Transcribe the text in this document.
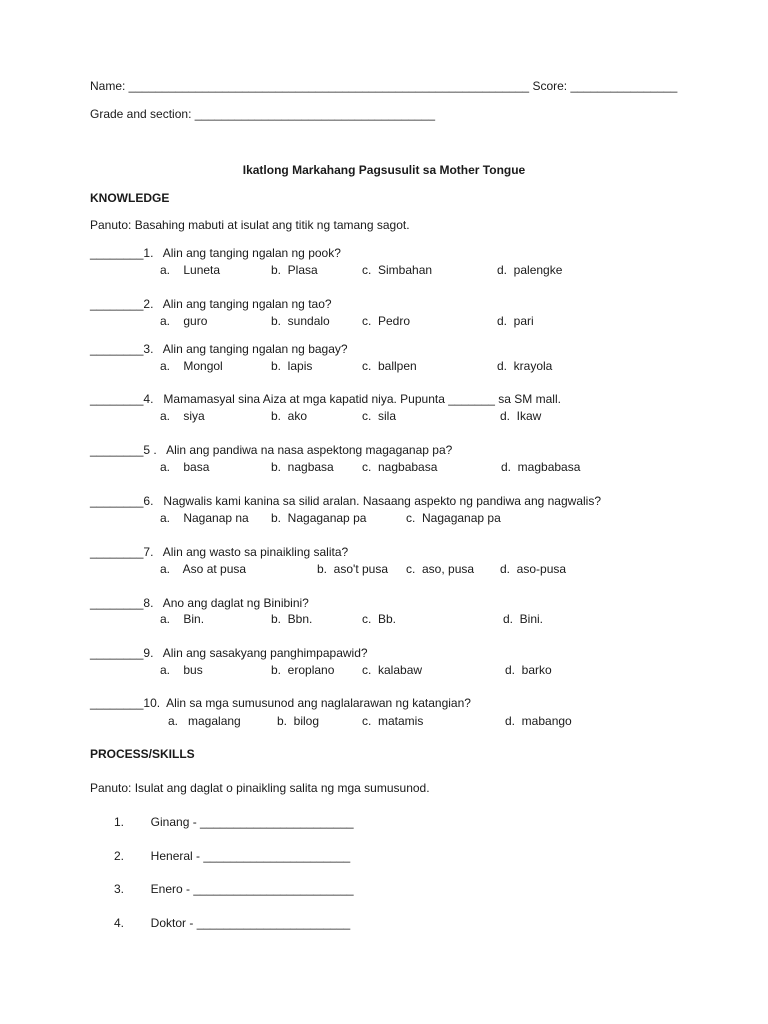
Name: ____________________________________________________________ Score: ________________
Grade and section: ____________________________________
Ikatlong Markahang Pagsusulit sa Mother Tongue
KNOWLEDGE
Panuto: Basahing mabuti at isulat ang titik ng tamang sagot.
________1.   Alin ang tanging ngalan ng pook?
a.    Luneta	b.  Plasa	c.  Simbahan	d.  palengke
________2.   Alin ang tanging ngalan ng tao?
a.    guro	b.  sundalo	c.  Pedro	d.  pari
________3.   Alin ang tanging ngalan ng bagay?
a.    Mongol	b.  lapis	c.  ballpen	d.  krayola
________4.   Mamamasyal sina Aiza at mga kapatid niya. Pupunta _______ sa SM mall.
a.    siya	b.  ako	c.  sila	d.  Ikaw
________5 .   Alin ang pandiwa na nasa aspektong magaganap pa?
a.    basa	b.  nagbasa c.  nagbabasa	d.  magbabasa
________6.   Nagwalis kami kanina sa silid aralan. Nasaang aspekto ng pandiwa ang nagwalis?
a.    Naganap na b.  Nagaganap pa	c.  Nagaganap pa
________7.   Alin ang wasto sa pinaikling salita?
a.    Aso at pusa	b.  aso't pusa c.  aso, pusa d.  aso-pusa
________8.   Ano ang daglat ng Binibini?
a.    Bin.	b.  Bbn.	c.  Bb.	d.  Bini.
________9.   Alin ang sasakyang panghimpapawid?
a.    bus	b.  eroplano c.  kalabaw	d.  barko
________10.  Alin sa mga sumusunod ang naglalarawan ng katangian?
a.   magalang	b.  bilog	c.  matamis	d.  mabango
PROCESS/SKILLS
Panuto: Isulat ang daglat o pinaikling salita ng mga sumusunod.
1.        Ginang - _______________________
2.        Heneral - ______________________
3.        Enero - ________________________
4.        Doktor - _______________________
